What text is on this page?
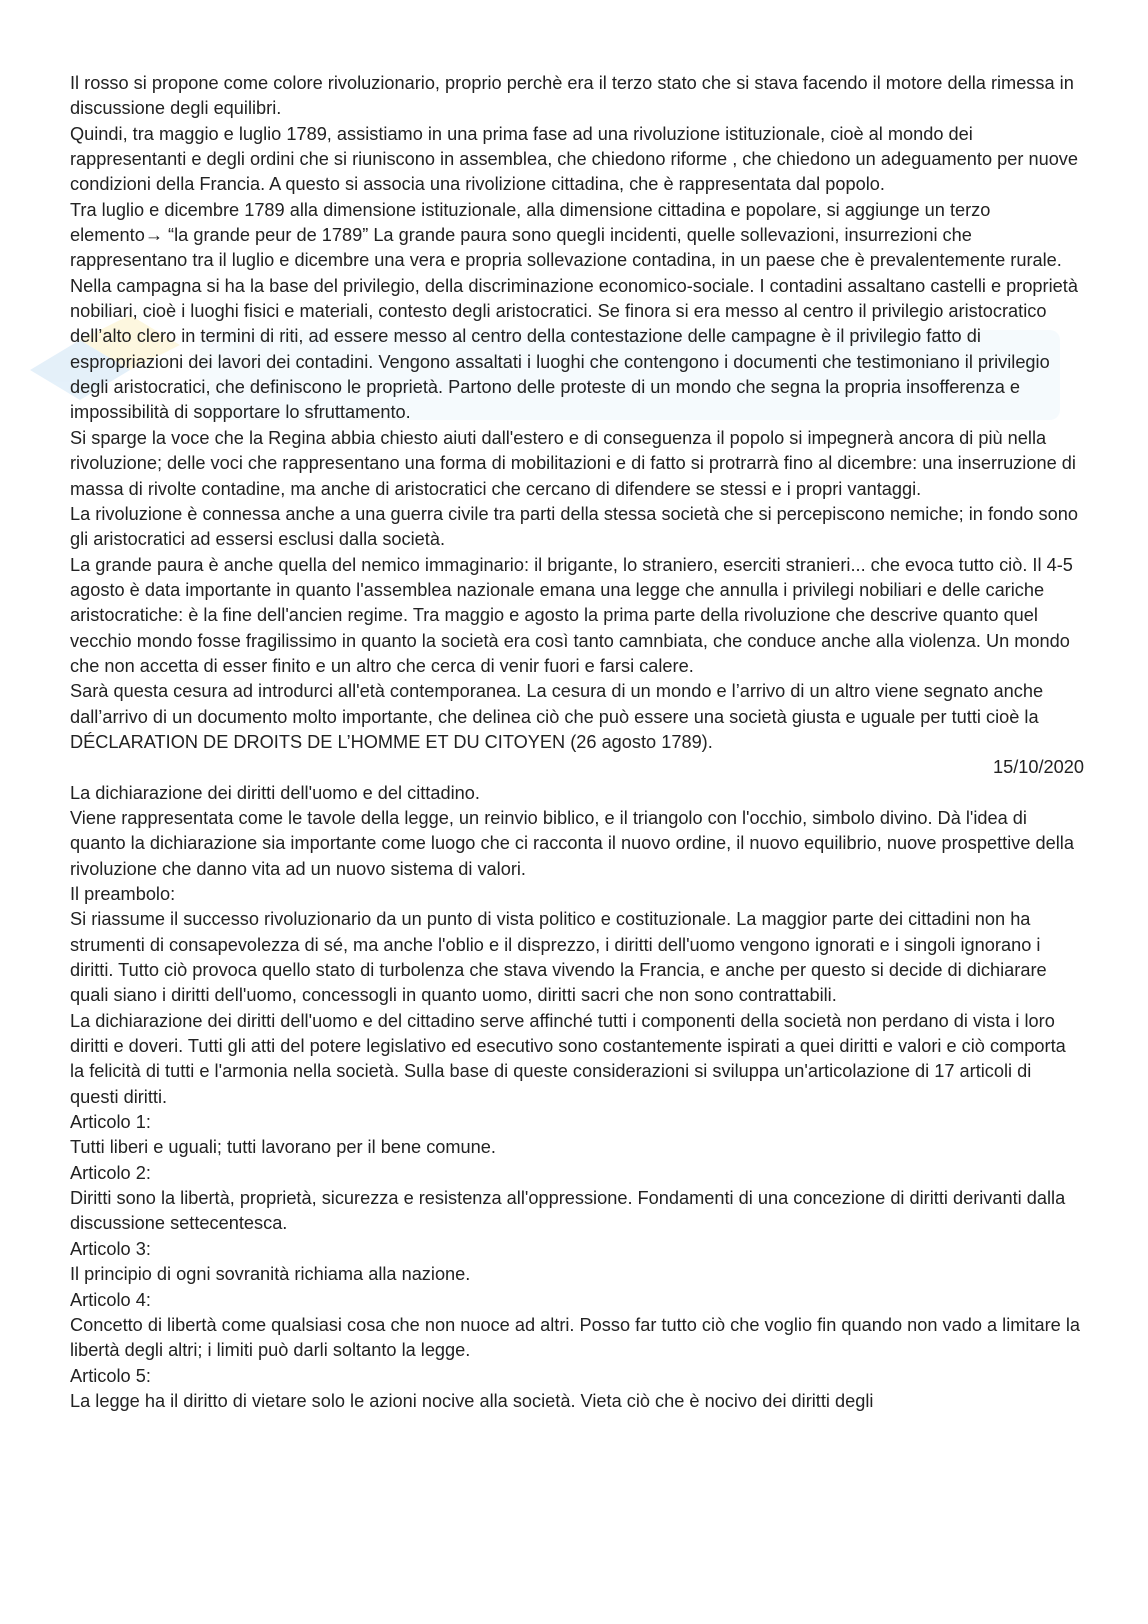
Il rosso si propone come colore rivoluzionario, proprio perchè era il terzo stato che si stava facendo il motore della rimessa in discussione degli equilibri.

Quindi, tra maggio e luglio 1789, assistiamo in una prima fase ad una rivoluzione istituzionale, cioè al mondo dei rappresentanti e degli ordini che si riuniscono in assemblea, che chiedono riforme , che chiedono un adeguamento per nuove condizioni della Francia. A questo si associa una rivolizione cittadina, che è rappresentata dal popolo.

Tra luglio e dicembre 1789 alla dimensione istituzionale, alla dimensione cittadina e popolare, si aggiunge un terzo elemento→ “la grande peur de 1789” La grande paura sono quegli incidenti, quelle sollevazioni, insurrezioni che rappresentano tra il luglio e dicembre una vera e propria sollevazione contadina, in un paese che è prevalentemente rurale. Nella campagna si ha la base del privilegio, della discriminazione economico-sociale. I contadini assaltano castelli e proprietà nobiliari, cioè i luoghi fisici e materiali, contesto degli aristocratici. Se finora si era messo al centro il privilegio aristocratico dell’alto clero in termini di riti, ad essere messo al centro della contestazione delle campagne è il privilegio fatto di espropriazioni dei lavori dei contadini. Vengono assaltati i luoghi che contengono i documenti che testimoniano il privilegio degli aristocratici, che definiscono le proprietà. Partono delle proteste di un mondo che segna la propria insofferenza e impossibilità di sopportare lo sfruttamento.

Si sparge la voce che la Regina abbia chiesto aiuti dall'estero e di conseguenza il popolo si impegnerà ancora di più nella rivoluzione; delle voci che rappresentano una forma di mobilitazioni e di fatto si protrarrà fino al dicembre: una inserruzione di massa di rivolte contadine, ma anche di aristocratici che cercano di difendere se stessi e i propri vantaggi.

La rivoluzione è connessa anche a una guerra civile tra parti della stessa società che si percepiscono nemiche; in fondo sono gli aristocratici ad essersi esclusi dalla società.

La grande paura è anche quella del nemico immaginario: il brigante, lo straniero, eserciti stranieri... che evoca tutto ciò. Il 4-5 agosto è data importante in quanto l'assemblea nazionale emana una legge che annulla i privilegi nobiliari e delle cariche aristocratiche: è la fine dell'ancien regime. Tra maggio e agosto la prima parte della rivoluzione che descrive quanto quel vecchio mondo fosse fragilissimo in quanto la società era così tanto camnbiata, che conduce anche alla violenza. Un mondo che non accetta di esser finito e un altro che cerca di venir fuori e farsi calere.

Sarà questa cesura ad introdurci all'età contemporanea. La cesura di un mondo e l’arrivo di un altro viene segnato anche dall’arrivo di un documento molto importante, che delinea ciò che può essere una società giusta e uguale per tutti cioè la DÉCLARATION DE DROITS DE L’HOMME ET DU CITOYEN (26 agosto 1789).

15/10/2020

La dichiarazione dei diritti dell'uomo e del cittadino.

Viene rappresentata come le tavole della legge, un reinvio biblico, e il triangolo con l'occhio, simbolo divino. Dà l'idea di quanto la dichiarazione sia importante come luogo che ci racconta il nuovo ordine, il nuovo equilibrio, nuove prospettive della rivoluzione che danno vita ad un nuovo sistema di valori.

Il preambolo:

Si riassume il successo rivoluzionario da un punto di vista politico e costituzionale. La maggior parte dei cittadini non ha strumenti di consapevolezza di sé, ma anche l'oblio e il disprezzo, i diritti dell'uomo vengono ignorati e i singoli ignorano i diritti. Tutto ciò provoca quello stato di turbolenza che stava vivendo la Francia, e anche per questo si decide di dichiarare quali siano i diritti dell'uomo, concessogli in quanto uomo, diritti sacri che non sono contrattabili.

La dichiarazione dei diritti dell'uomo e del cittadino serve affinché tutti i componenti della società non perdano di vista i loro diritti e doveri. Tutti gli atti del potere legislativo ed esecutivo sono costantemente ispirati a quei diritti e valori e ciò comporta la felicità di tutti e l'armonia nella società. Sulla base di queste considerazioni si sviluppa un'articolazione di 17 articoli di questi diritti.

Articolo 1:

Tutti liberi e uguali; tutti lavorano per il bene comune.

Articolo 2:

Diritti sono la libertà, proprietà, sicurezza e resistenza all'oppressione. Fondamenti di una concezione di diritti derivanti dalla discussione settecentesca.

Articolo 3:

Il principio di ogni sovranità richiama alla nazione.

Articolo 4:

Concetto di libertà come qualsiasi cosa che non nuoce ad altri. Posso far tutto ciò che voglio fin quando non vado a limitare la libertà degli altri; i limiti può darli soltanto la legge.

Articolo 5:

La legge ha il diritto di vietare solo le azioni nocive alla società. Vieta ciò che è nocivo dei diritti degli
